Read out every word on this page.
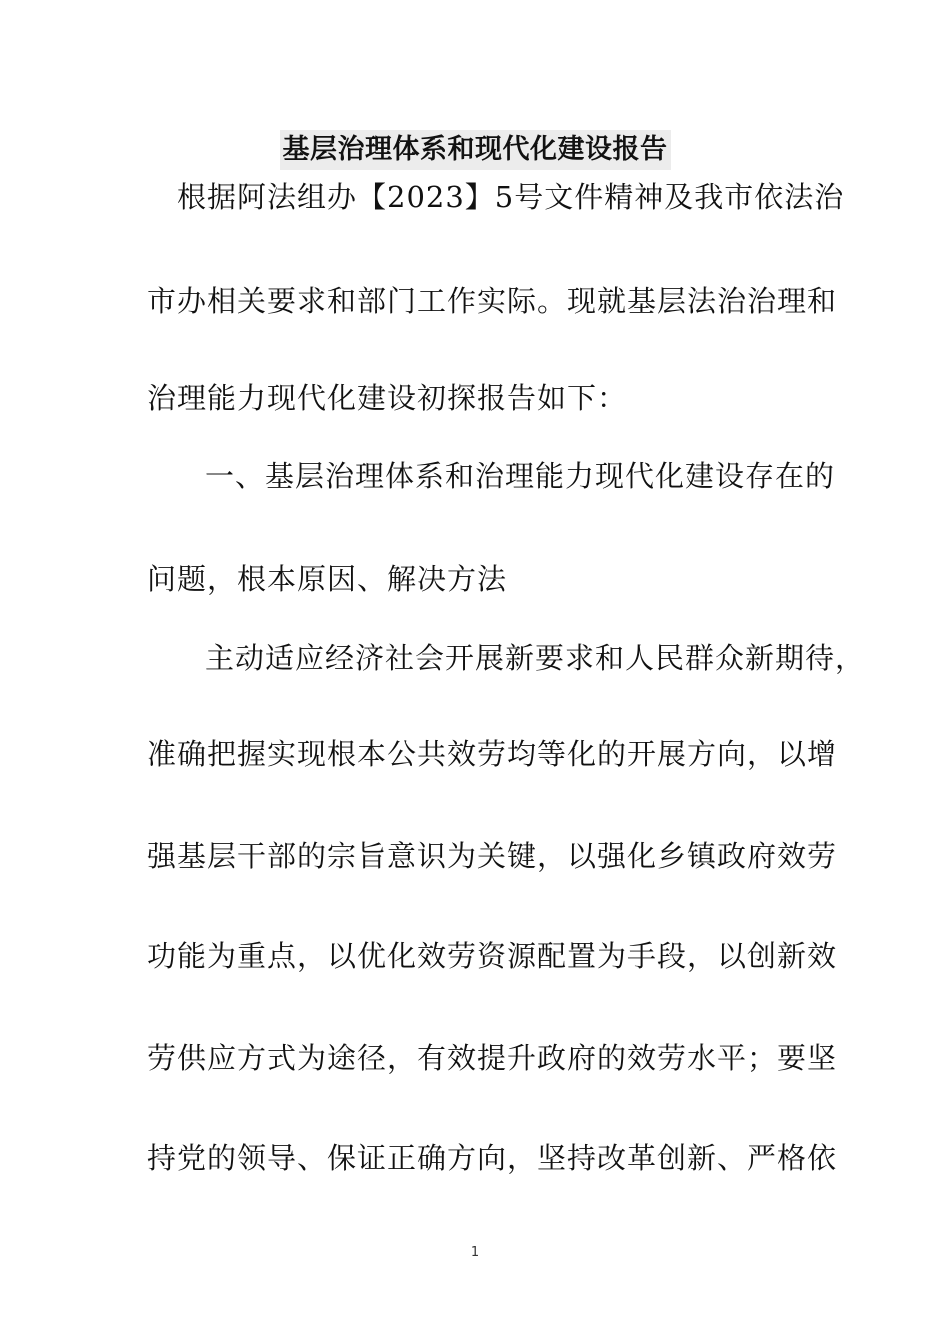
基层治理体系和现代化建设报告
根据阿法组办【2023】5号文件精神及我市依法治
市办相关要求和部门工作实际。现就基层法治治理和
治理能力现代化建设初探报告如下：
一、基层治理体系和治理能力现代化建设存在的
问题，根本原因、解决方法
主动适应经济社会开展新要求和人民群众新期待，
准确把握实现根本公共效劳均等化的开展方向，以增
强基层干部的宗旨意识为关键，以强化乡镇政府效劳
功能为重点，以优化效劳资源配置为手段，以创新效
劳供应方式为途径，有效提升政府的效劳水平；要坚
持党的领导、保证正确方向，坚持改革创新、严格依
1
